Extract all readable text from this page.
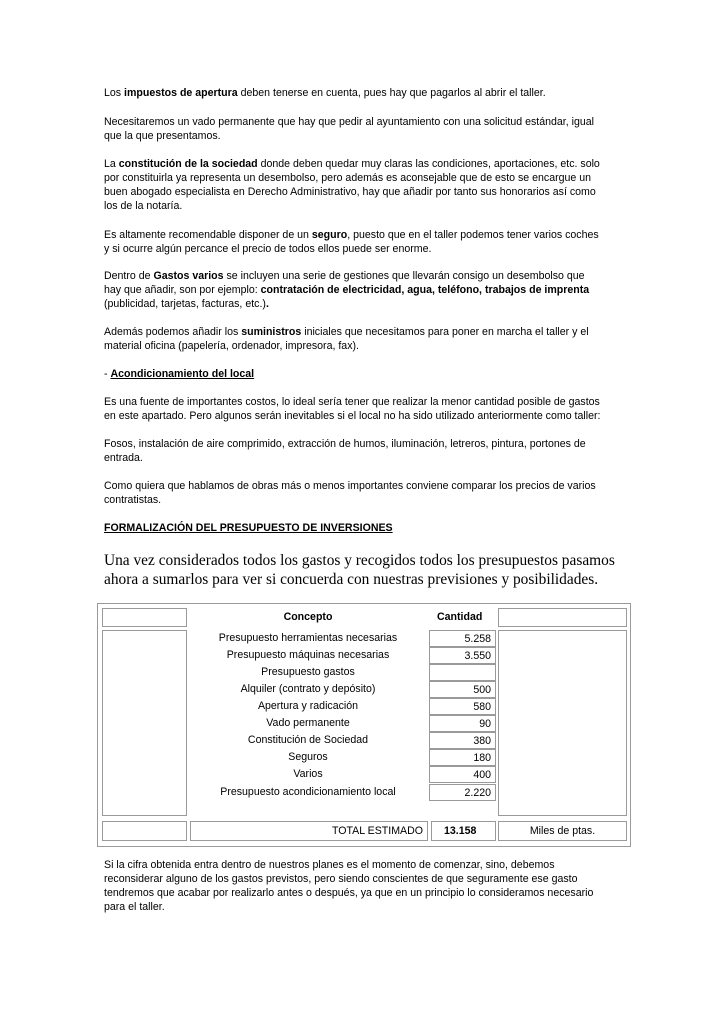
Los impuestos de apertura deben tenerse en cuenta, pues hay que pagarlos al abrir el taller.

Necesitaremos un vado permanente que hay que pedir al ayuntamiento con una solicitud estándar, igual
que la que presentamos.

La constitución de la sociedad donde deben quedar muy claras las condiciones, aportaciones, etc. solo
por constituirla ya representa un desembolso, pero además es aconsejable que de esto se encargue un
buen abogado especialista en Derecho Administrativo, hay que añadir por tanto sus honorarios así como
los de la notaría.

Es altamente recomendable disponer de un seguro, puesto que en el taller podemos tener varios coches
y si ocurre algún percance el precio de todos ellos puede ser enorme.

Dentro de Gastos varios se incluyen una serie de gestiones que llevarán consigo un desembolso que
hay que añadir, son por ejemplo: contratación de electricidad, agua, teléfono, trabajos de imprenta
(publicidad, tarjetas, facturas, etc.).

Además podemos añadir los suministros iniciales que necesitamos para poner en marcha el taller y el
material oficina (papelería, ordenador, impresora, fax).

- Acondicionamiento del local

Es una fuente de importantes costos, lo ideal sería tener que realizar la menor cantidad posible de gastos
en este apartado. Pero algunos serán inevitables si el local no ha sido utilizado anteriormente como taller:

Fosos, instalación de aire comprimido, extracción de humos, iluminación, letreros, pintura, portones de
entrada.

Como quiera que hablamos de obras más o menos importantes conviene comparar los precios de varios
contratistas.

FORMALIZACIÓN DEL PRESUPUESTO DE INVERSIONES

Una vez considerados todos los gastos y recogidos todos los presupuestos pasamos
ahora a sumarlos para ver si concuerda con nuestras previsiones y posibilidades.

Concepto	Cantidad
Presupuesto herramientas necesarias	5.258
Presupuesto máquinas necesarias	3.550
Presupuesto gastos
Alquiler (contrato y depósito)	500
Apertura y radicación	580
Vado permanente	90
Constitución de Sociedad	380
Seguros	180
Varios	400
Presupuesto acondicionamiento local	2.220
TOTAL ESTIMADO	13.158	Miles de ptas.

Si la cifra obtenida entra dentro de nuestros planes es el momento de comenzar, sino, debemos
reconsiderar alguno de los gastos previstos, pero siendo conscientes de que seguramente ese gasto
tendremos que acabar por realizarlo antes o después, ya que en un principio lo consideramos necesario
para el taller.
